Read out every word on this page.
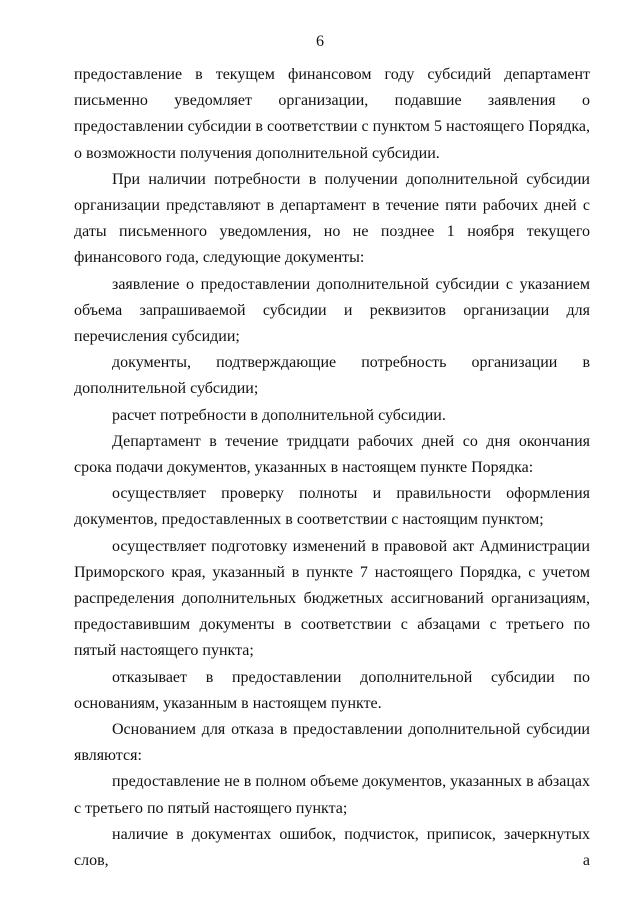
6

предоставление в текущем финансовом году субсидий департамент письменно уведомляет организации, подавшие заявления о предоставлении субсидии в соответствии с пунктом 5 настоящего Порядка, о возможности получения дополнительной субсидии.

При наличии потребности в получении дополнительной субсидии организации представляют в департамент в течение пяти рабочих дней с даты письменного уведомления, но не позднее 1 ноября текущего финансового года, следующие документы:

заявление о предоставлении дополнительной субсидии с указанием объема запрашиваемой субсидии и реквизитов организации для перечисления субсидии;

документы, подтверждающие потребность организации в дополнительной субсидии;

расчет потребности в дополнительной субсидии.

Департамент в течение тридцати рабочих дней со дня окончания срока подачи документов, указанных в настоящем пункте Порядка:

осуществляет проверку полноты и правильности оформления документов, предоставленных в соответствии с настоящим пунктом;

осуществляет подготовку изменений в правовой акт Администрации Приморского края, указанный в пункте 7 настоящего Порядка, с учетом распределения дополнительных бюджетных ассигнований организациям, предоставившим документы в соответствии с абзацами с третьего по пятый настоящего пункта;

отказывает в предоставлении дополнительной субсидии по основаниям, указанным в настоящем пункте.

Основанием для отказа в предоставлении дополнительной субсидии являются:

предоставление не в полном объеме документов, указанных в абзацах с третьего по пятый настоящего пункта;

наличие в документах ошибок, подчисток, приписок, зачеркнутых слов, а
